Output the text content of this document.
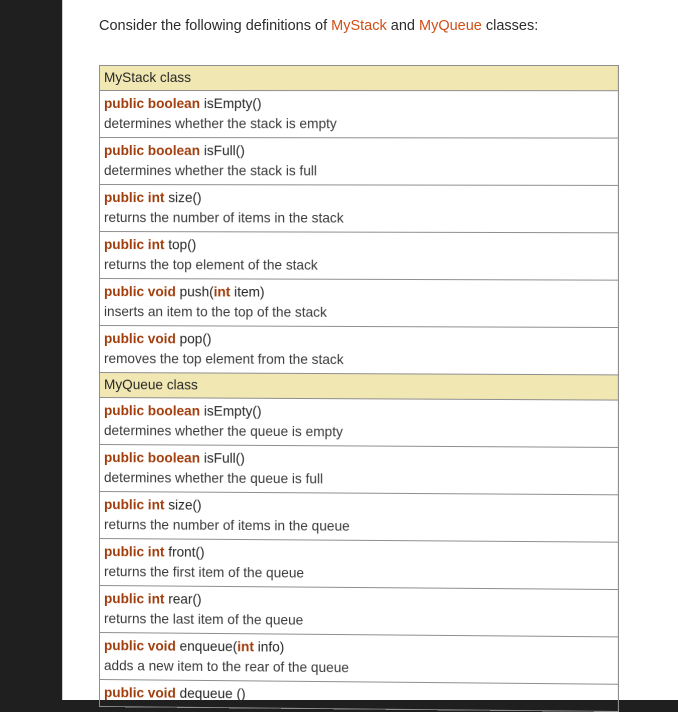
Consider the following definitions of MyStack and MyQueue classes:
MyStack class

public boolean isEmpty()
determines whether the stack is empty

public boolean isFull()
determines whether the stack is full

public int size()
returns the number of items in the stack

public int top()
returns the top element of the stack

public void push(int item)
inserts an item to the top of the stack

public void pop()
removes the top element from the stack

MyQueue class

public boolean isEmpty()
determines whether the queue is empty

public boolean isFull()
determines whether the queue is full

public int size()
returns the number of items in the queue

public int front()
returns the first item of the queue

public int rear()
returns the last item of the queue

public void enqueue(int info)
adds a new item to the rear of the queue

public void dequeue ()
